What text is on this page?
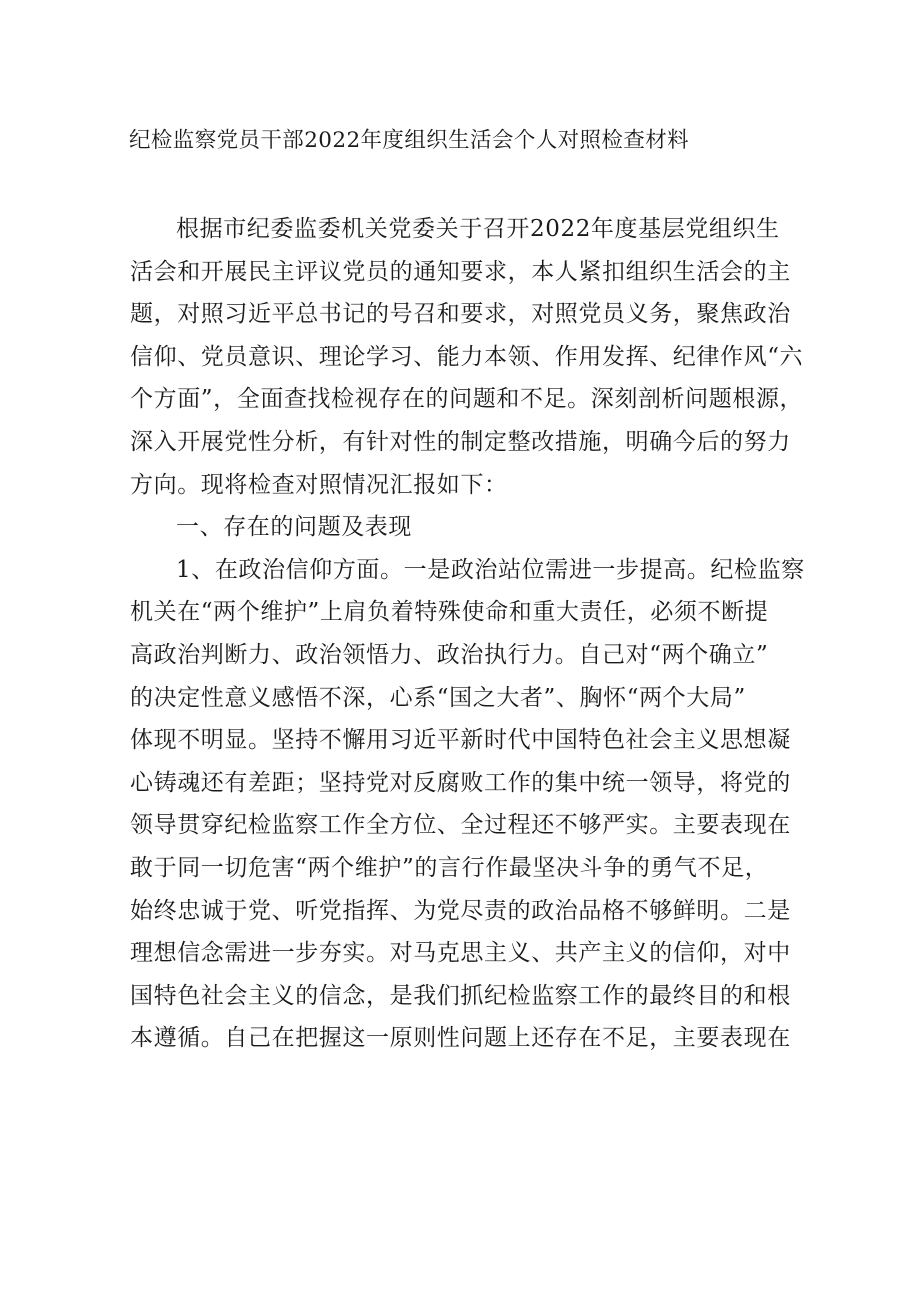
纪检监察党员干部2022年度组织生活会个人对照检查材料
根据市纪委监委机关党委关于召开2022年度基层党组织生
活会和开展民主评议党员的通知要求，本人紧扣组织生活会的主
题，对照习近平总书记的号召和要求，对照党员义务，聚焦政治
信仰、党员意识、理论学习、能力本领、作用发挥、纪律作风“六
个方面”，全面查找检视存在的问题和不足。深刻剖析问题根源，
深入开展党性分析，有针对性的制定整改措施，明确今后的努力
方向。现将检查对照情况汇报如下：
一、存在的问题及表现
1、在政治信仰方面。一是政治站位需进一步提高。纪检监察
机关在“两个维护”上肩负着特殊使命和重大责任，必须不断提
高政治判断力、政治领悟力、政治执行力。自己对“两个确立”
的决定性意义感悟不深，心系“国之大者”、胸怀“两个大局”
体现不明显。坚持不懈用习近平新时代中国特色社会主义思想凝
心铸魂还有差距；坚持党对反腐败工作的集中统一领导，将党的
领导贯穿纪检监察工作全方位、全过程还不够严实。主要表现在
敢于同一切危害“两个维护”的言行作最坚决斗争的勇气不足，
始终忠诚于党、听党指挥、为党尽责的政治品格不够鲜明。二是
理想信念需进一步夯实。对马克思主义、共产主义的信仰，对中
国特色社会主义的信念，是我们抓纪检监察工作的最终目的和根
本遵循。自己在把握这一原则性问题上还存在不足，主要表现在
